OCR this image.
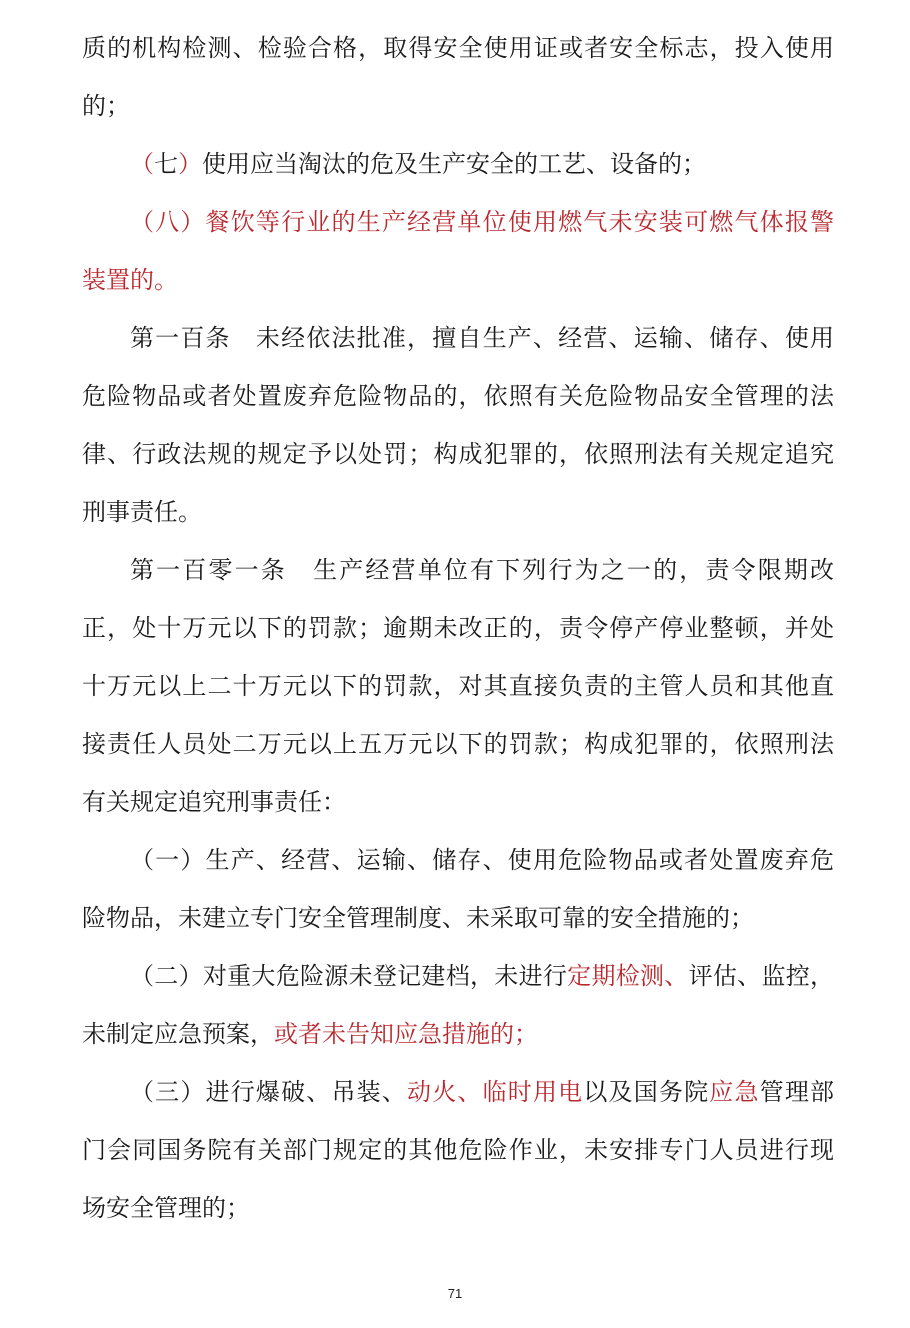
质的机构检测、检验合格，取得安全使用证或者安全标志，投入使用
的；
（七）使用应当淘汰的危及生产安全的工艺、设备的；
（八）餐饮等行业的生产经营单位使用燃气未安装可燃气体报警
装置的。
第一百条　未经依法批准，擅自生产、经营、运输、储存、使用
危险物品或者处置废弃危险物品的，依照有关危险物品安全管理的法
律、行政法规的规定予以处罚；构成犯罪的，依照刑法有关规定追究
刑事责任。
第一百零一条　生产经营单位有下列行为之一的，责令限期改
正，处十万元以下的罚款；逾期未改正的，责令停产停业整顿，并处
十万元以上二十万元以下的罚款，对其直接负责的主管人员和其他直
接责任人员处二万元以上五万元以下的罚款；构成犯罪的，依照刑法
有关规定追究刑事责任：
（一）生产、经营、运输、储存、使用危险物品或者处置废弃危
险物品，未建立专门安全管理制度、未采取可靠的安全措施的；
（二）对重大危险源未登记建档，未进行定期检测、评估、监控，
未制定应急预案，或者未告知应急措施的；
（三）进行爆破、吊装、动火、临时用电以及国务院应急管理部
门会同国务院有关部门规定的其他危险作业，未安排专门人员进行现
场安全管理的；
71
